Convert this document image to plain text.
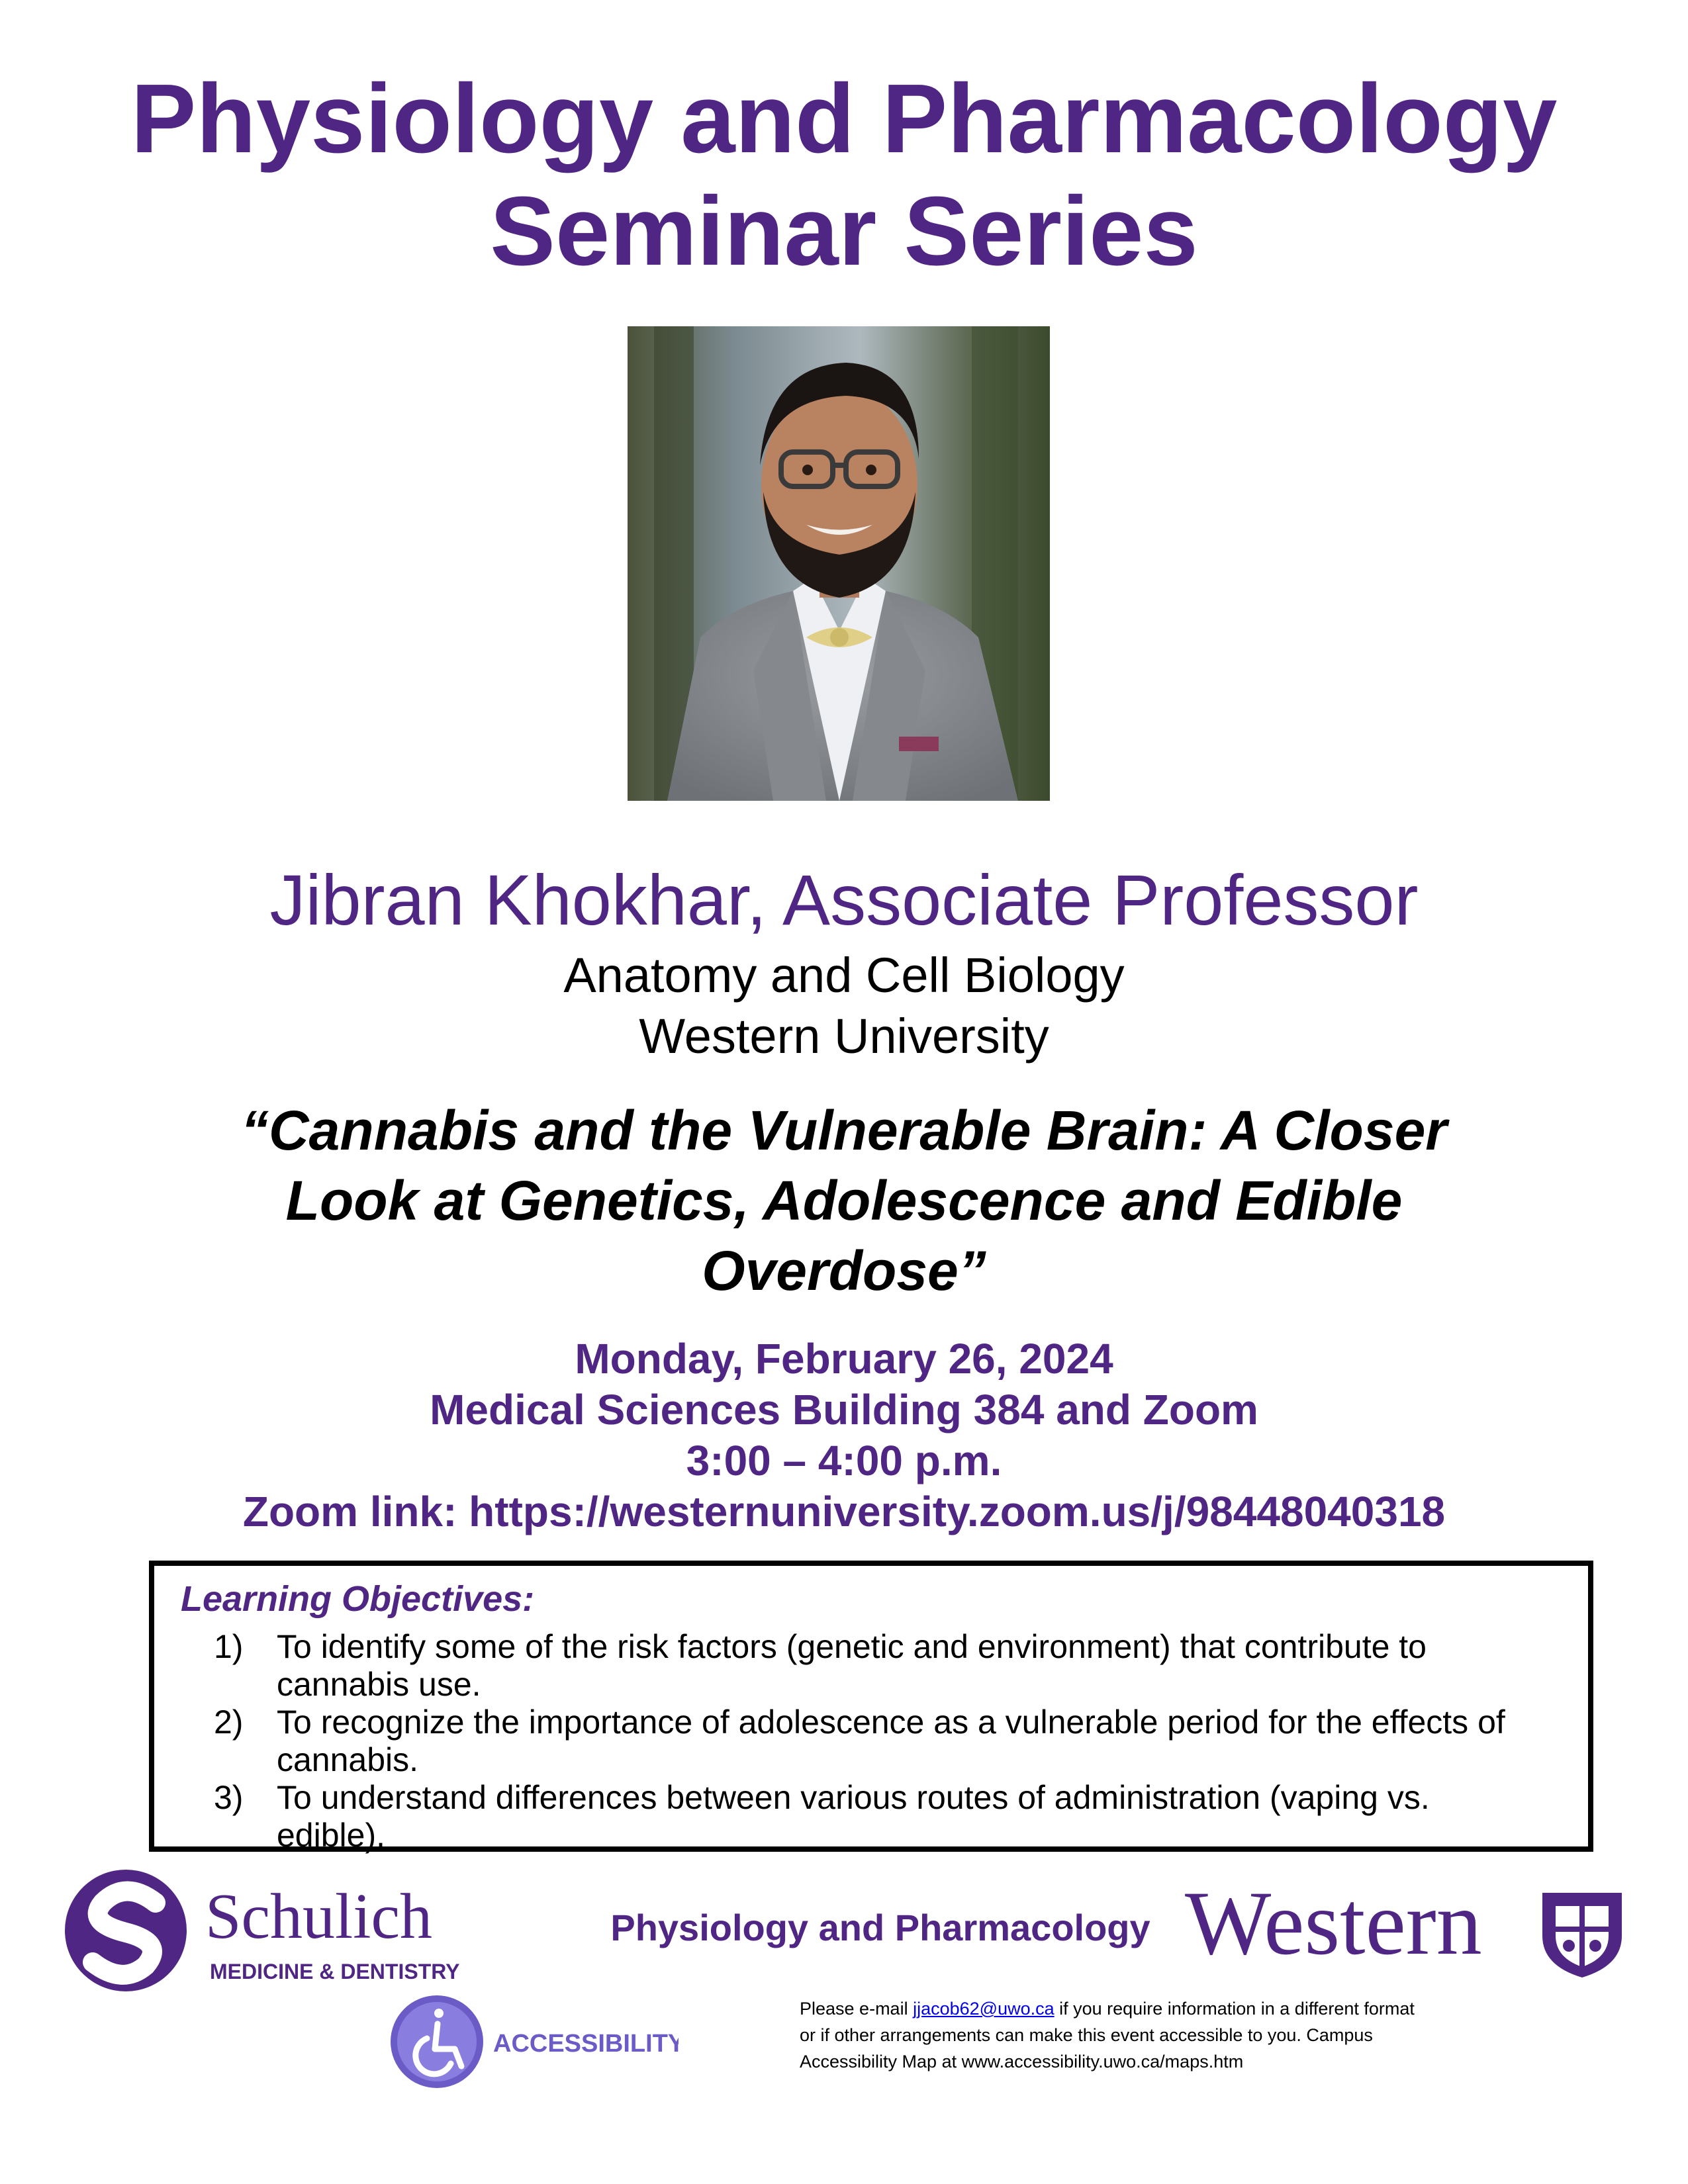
Physiology and Pharmacology
Seminar Series
Jibran Khokhar, Associate Professor
Anatomy and Cell Biology
Western University
“Cannabis and the Vulnerable Brain: A Closer
Look at Genetics, Adolescence and Edible
Overdose”
Monday, February 26, 2024
Medical Sciences Building 384 and Zoom
3:00 – 4:00 p.m.
Zoom link: https://westernuniversity.zoom.us/j/98448040318
Learning Objectives:
1) To identify some of the risk factors (genetic and environment) that contribute to cannabis use.
2) To recognize the importance of adolescence as a vulnerable period for the effects of cannabis.
3) To understand differences between various routes of administration (vaping vs. edible).
Schulich
MEDICINE & DENTISTRY
Physiology and Pharmacology Western
ACCESSIBILITY
Please e-mail jjacob62@uwo.ca if you require information in a different format
or if other arrangements can make this event accessible to you. Campus
Accessibility Map at www.accessibility.uwo.ca/maps.htm
